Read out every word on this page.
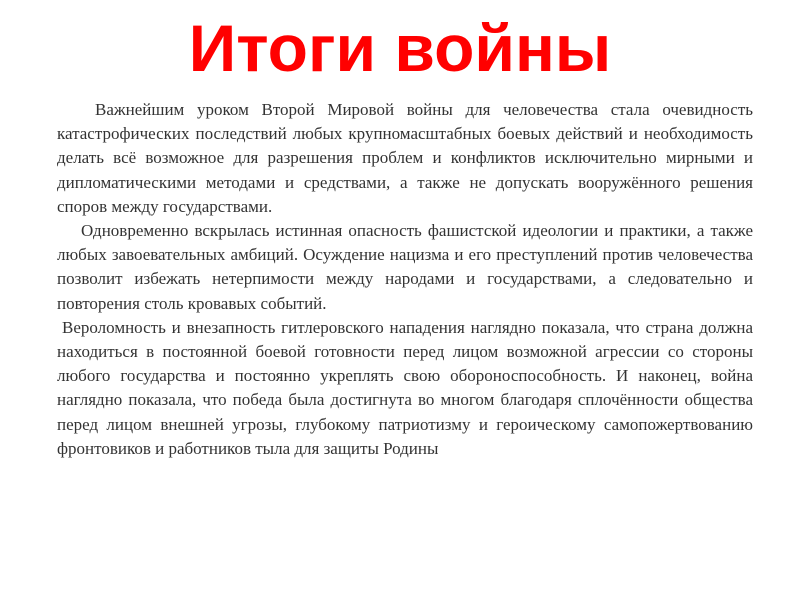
Итоги войны

Важнейшим уроком Второй Мировой войны для человечества стала очевидность катастрофических последствий любых крупномасштабных боевых действий и необходимость делать всё возможное для разрешения проблем и конфликтов исключительно мирными и дипломатическими методами и средствами, а также не допускать вооружённого решения споров между государствами.

Одновременно вскрылась истинная опасность фашистской идеологии и практики, а также любых завоевательных амбиций. Осуждение нацизма и его преступлений против человечества позволит избежать нетерпимости между народами и государствами, а следовательно и повторения столь кровавых событий.

Вероломность и внезапность гитлеровского нападения наглядно показала, что страна должна находиться в постоянной боевой готовности перед лицом возможной агрессии со стороны любого государства и постоянно укреплять свою обороноспособность. И наконец, война наглядно показала, что победа была достигнута во многом благодаря сплочённости общества перед лицом внешней угрозы, глубокому патриотизму и героическому самопожертвованию фронтовиков и работников тыла для защиты Родины
